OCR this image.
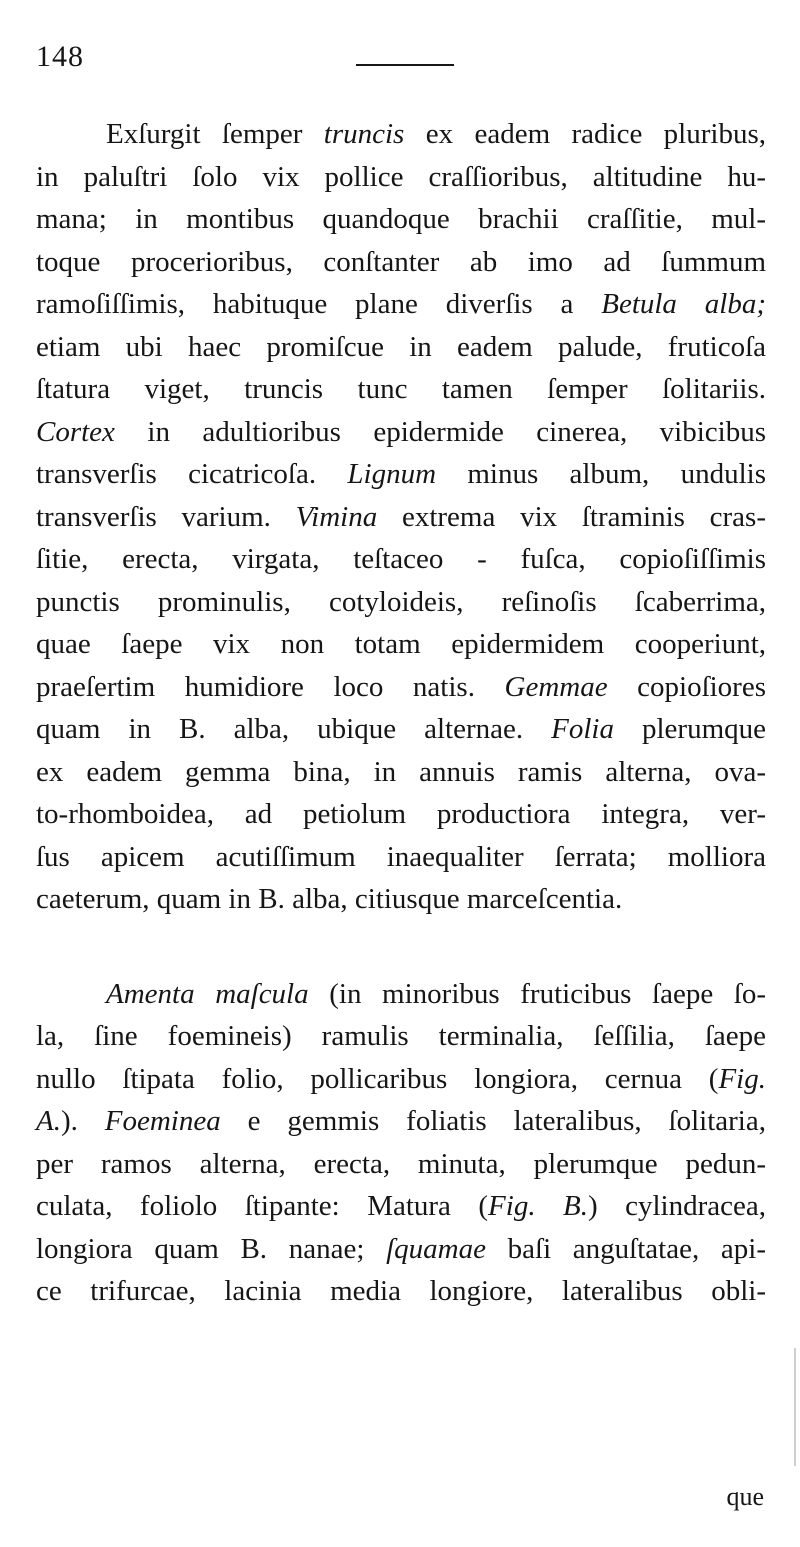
148
Exſurgit ſemper truncis ex eadem radice pluribus,
in paluſtri ſolo vix pollice craſſioribus, altitudine hu-
mana; in montibus quandoque brachii craſſitie, mul-
toque procerioribus, conſtanter ab imo ad ſummum
ramoſiſſimis, habituque plane diverſis a Betula alba;
etiam ubi haec promiſcue in eadem palude, fruticoſa
ſtatura viget, truncis tunc tamen ſemper ſolitariis.
Cortex in adultioribus epidermide cinerea, vibicibus
transverſis cicatricoſa. Lignum minus album, undulis
transverſis varium. Vimina extrema vix ſtraminis cras-
ſitie, erecta, virgata, teſtaceo - fuſca, copioſiſſimis
punctis prominulis, cotyloideis, reſinoſis ſcaberrima,
quae ſaepe vix non totam epidermidem cooperiunt,
praeſertim humidiore loco natis. Gemmae copioſiores
quam in B. alba, ubique alternae. Folia plerumque
ex eadem gemma bina, in annuis ramis alterna, ova-
to-rhomboidea, ad petiolum productiora integra, ver-
ſus apicem acutiſſimum inaequaliter ſerrata; molliora
caeterum, quam in B. alba, citiusque marceſcentia.
Amenta maſcula (in minoribus fruticibus ſaepe ſo-
la, ſine foemineis) ramulis terminalia, ſeſſilia, ſaepe
nullo ſtipata folio, pollicaribus longiora, cernua (Fig.
A.). Foeminea e gemmis foliatis lateralibus, ſolitaria,
per ramos alterna, erecta, minuta, plerumque pedun-
culata, foliolo ſtipante: Matura (Fig. B.) cylindracea,
longiora quam B. nanae; ſquamae baſi anguſtatae, api-
ce trifurcae, lacinia media longiore, lateralibus obli-
que
